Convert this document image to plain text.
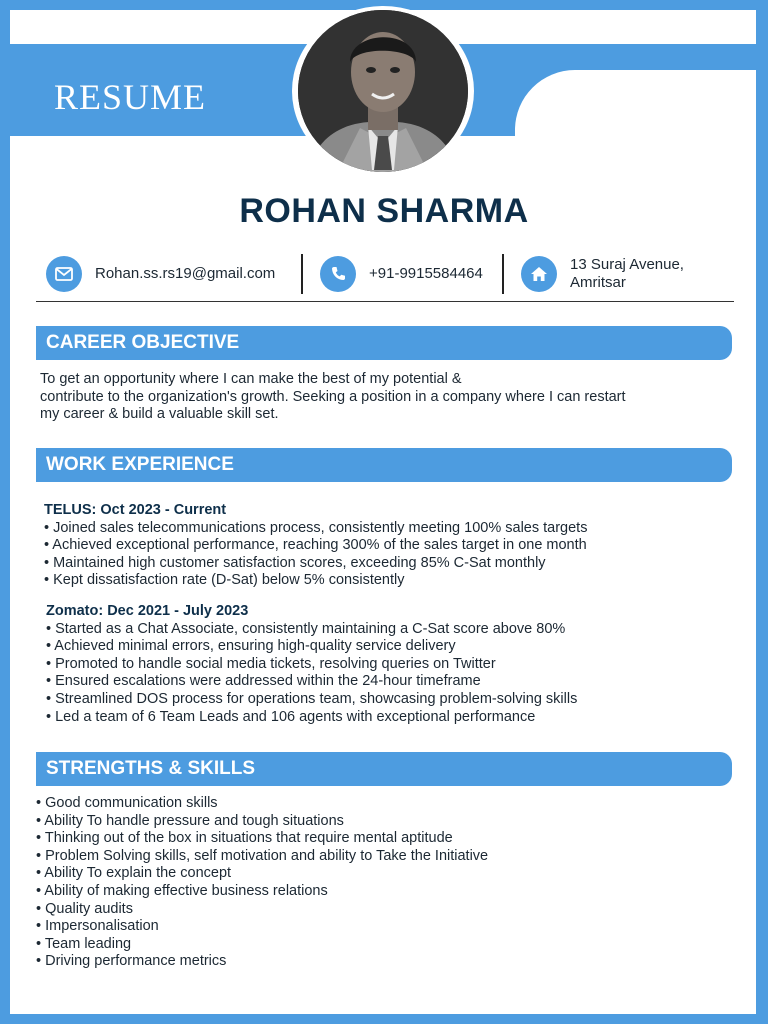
RESUME
ROHAN SHARMA
Rohan.ss.rs19@gmail.com	+91-9915584464
13 Suraj Avenue,
Amritsar
CAREER OBJECTIVE
To get an opportunity where I can make the best of my potential &
contribute to the organization's growth. Seeking a position in a company where I can restart
my career & build a valuable skill set.
WORK EXPERIENCE
TELUS: Oct 2023 - Current
• Joined sales telecommunications process, consistently meeting 100% sales targets
• Achieved exceptional performance, reaching 300% of the sales target in one month
• Maintained high customer satisfaction scores, exceeding 85% C-Sat monthly
• Kept dissatisfaction rate (D-Sat) below 5% consistently
Zomato: Dec 2021 - July 2023
• Started as a Chat Associate, consistently maintaining a C-Sat score above 80%
• Achieved minimal errors, ensuring high-quality service delivery
• Promoted to handle social media tickets, resolving queries on Twitter
• Ensured escalations were addressed within the 24-hour timeframe
• Streamlined DOS process for operations team, showcasing problem-solving skills
• Led a team of 6 Team Leads and 106 agents with exceptional performance
STRENGTHS & SKILLS
• Good communication skills
• Ability To handle pressure and tough situations
• Thinking out of the box in situations that require mental aptitude
• Problem Solving skills, self motivation and ability to Take the Initiative
• Ability To explain the concept
• Ability of making effective business relations
• Quality audits
• Impersonalisation
• Team leading
• Driving performance metrics
